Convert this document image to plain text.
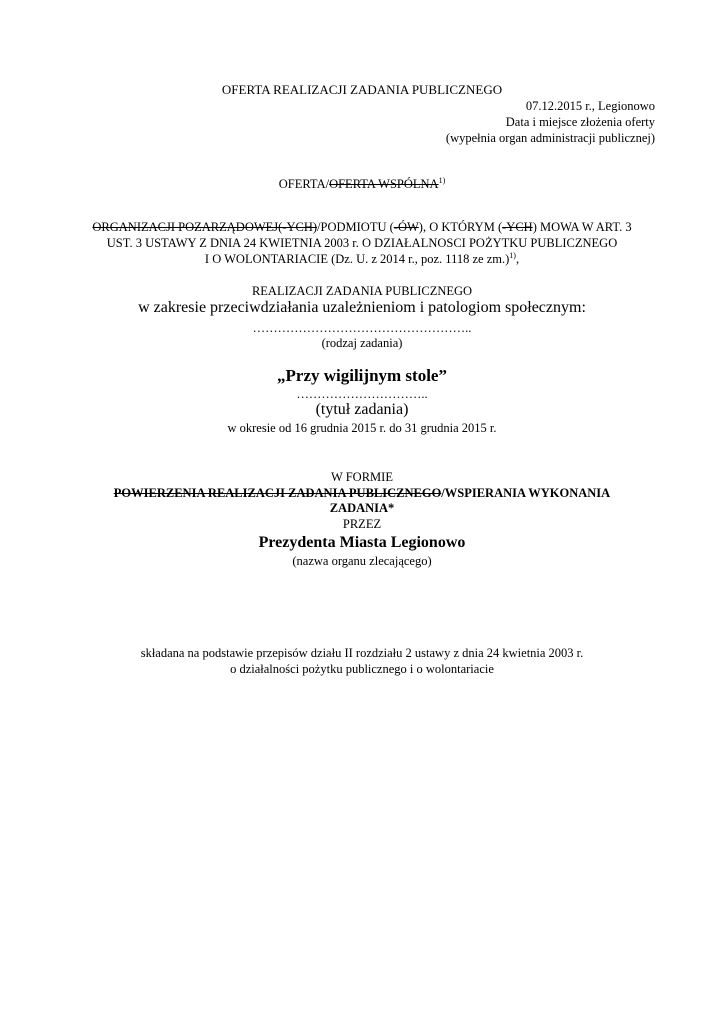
OFERTA REALIZACJI ZADANIA PUBLICZNEGO
07.12.2015 r., Legionowo
Data i miejsce złożenia oferty
(wypełnia organ administracji publicznej)
OFERTA/OFERTA WSPÓLNA$^{1)}$
ORGANIZACJI POZARZĄDOWEJ(-YCH)/PODMIOTU (-ÓW), O KTÓRYM (-YCH) MOWA W ART. 3
UST. 3 USTAWY Z DNIA 24 KWIETNIA 2003 r. O DZIAŁALNOSCI POŻYTKU PUBLICZNEGO
I O WOLONTARIACIE (Dz. U. z 2014 r., poz. 1118 ze zm.)$^{1)}$,
REALIZACJI ZADANIA PUBLICZNEGO
w zakresie przeciwdziałania uzależnieniom i patologiom społecznym:
……………………………………………..
(rodzaj zadania)
„Przy wigilijnym stole”
…………………………..
(tytuł zadania)
w okresie od 16 grudnia 2015 r. do 31 grudnia 2015 r.
W FORMIE
POWIERZENIA REALIZACJI ZADANIA PUBLICZNEGO/WSPIERANIA WYKONANIA
ZADANIA*
PRZEZ
Prezydenta Miasta Legionowo
(nazwa organu zlecającego)
składana na podstawie przepisów działu II rozdziału 2 ustawy z dnia 24 kwietnia 2003 r.
o działalności pożytku publicznego i o wolontariacie
